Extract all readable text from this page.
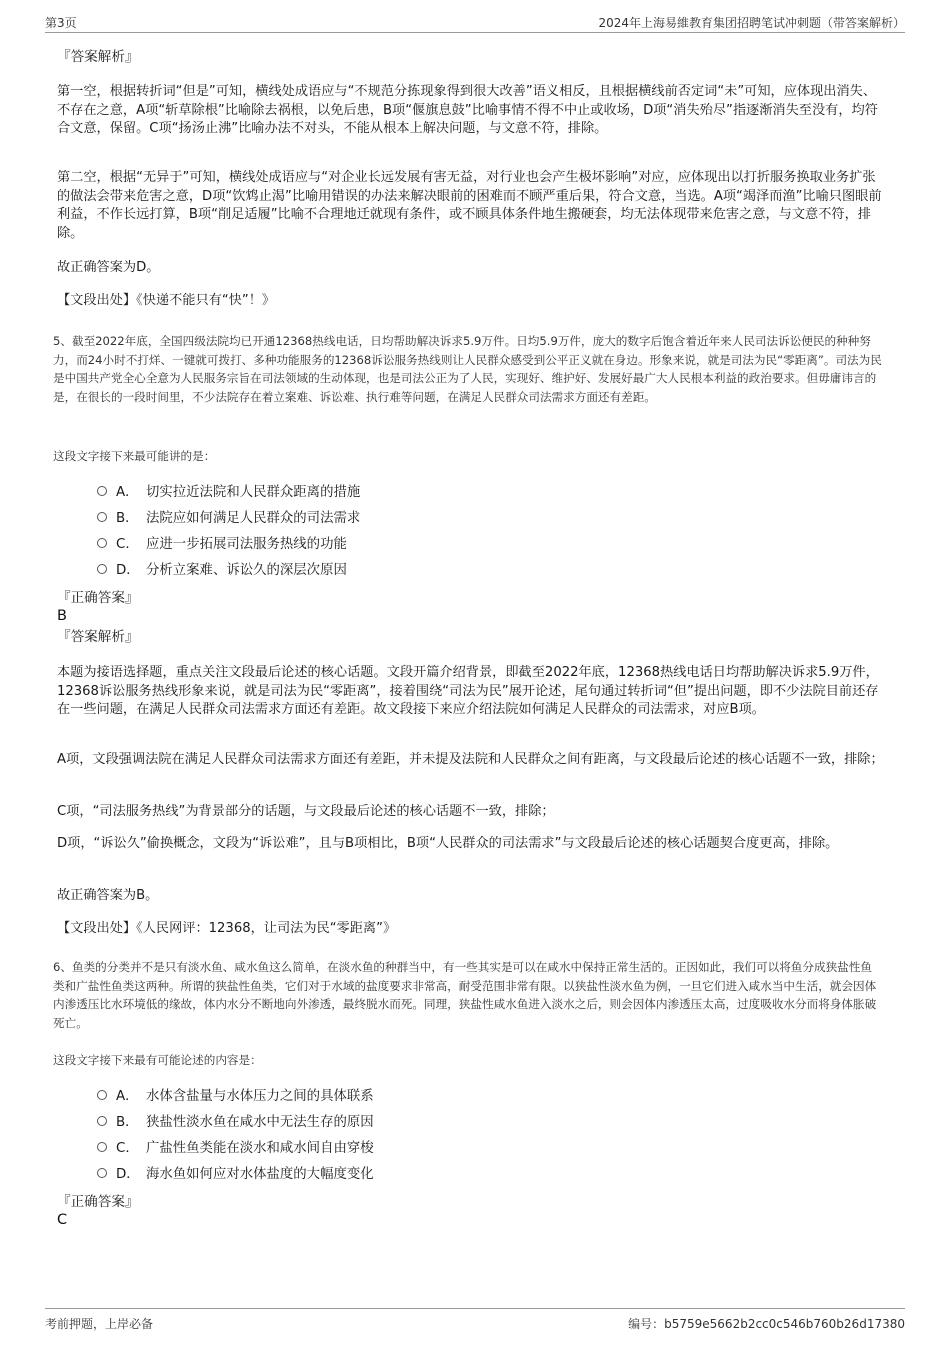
第3页	2024年上海易維教育集团招聘笔试冲刺题（带答案解析）
『答案解析』
第一空，根据转折词“但是”可知，横线处成语应与“不规范分拣现象得到很大改善”语义相反，且根据横线前否定词“未”可知，应体现出消失、不存在之意，A项“斩草除根”比喻除去祸根，以免后患，B项“偃旗息鼓”比喻事情不得不中止或收场，D项“消失殆尽”指逐渐消失至没有，均符合文意，保留。C项“扬汤止沸”比喻办法不对头，不能从根本上解决问题，与文意不符，排除。
第二空，根据“无异于”可知，横线处成语应与“对企业长远发展有害无益，对行业也会产生极坏影响”对应，应体现出以打折服务换取业务扩张的做法会带来危害之意，D项“饮鸩止渴”比喻用错误的办法来解决眼前的困难而不顾严重后果，符合文意，当选。A项“竭泽而渔”比喻只图眼前利益，不作长远打算，B项“削足适履”比喻不合理地迁就现有条件，或不顾具体条件地生搬硬套，均无法体现带来危害之意，与文意不符，排除。
故正确答案为D。
【文段出处】《快递不能只有“快”！》
5、截至2022年底，全国四级法院均已开通12368热线电话，日均帮助解决诉求5.9万件。日均5.9万件，庞大的数字后饱含着近年来人民司法诉讼便民的种种努力，而24小时不打烊、一键就可拨打、多种功能服务的12368诉讼服务热线则让人民群众感受到公平正义就在身边。形象来说，就是司法为民“零距离”。司法为民是中国共产党全心全意为人民服务宗旨在司法领域的生动体现，也是司法公正为了人民，实现好、维护好、发展好最广大人民根本利益的政治要求。但毋庸讳言的是，在很长的一段时间里，不少法院存在着立案难、诉讼难、执行难等问题，在满足人民群众司法需求方面还有差距。
这段文字接下来最可能讲的是：
A． 切实拉近法院和人民群众距离的措施
B． 法院应如何满足人民群众的司法需求
C． 应进一步拓展司法服务热线的功能
D． 分析立案难、诉讼久的深层次原因
『正确答案』
B
『答案解析』
本题为接语选择题，重点关注文段最后论述的核心话题。文段开篇介绍背景，即截至2022年底，12368热线电话日均帮助解决诉求5.9万件，12368诉讼服务热线形象来说，就是司法为民“零距离”，接着围绕“司法为民”展开论述，尾句通过转折词“但”提出问题，即不少法院目前还存在一些问题，在满足人民群众司法需求方面还有差距。故文段接下来应介绍法院如何满足人民群众的司法需求，对应B项。
A项，文段强调法院在满足人民群众司法需求方面还有差距，并未提及法院和人民群众之间有距离，与文段最后论述的核心话题不一致，排除；
C项，“司法服务热线”为背景部分的话题，与文段最后论述的核心话题不一致，排除；
D项，“诉讼久”偷换概念，文段为“诉讼难”，且与B项相比，B项“人民群众的司法需求”与文段最后论述的核心话题契合度更高，排除。
故正确答案为B。
【文段出处】《人民网评：12368，让司法为民“零距离”》
6、鱼类的分类并不是只有淡水鱼、咸水鱼这么简单，在淡水鱼的种群当中，有一些其实是可以在咸水中保持正常生活的。正因如此，我们可以将鱼分成狭盐性鱼类和广盐性鱼类这两种。所谓的狭盐性鱼类，它们对于水域的盐度要求非常高，耐受范围非常有限。以狭盐性淡水鱼为例，一旦它们进入咸水当中生活，就会因体内渗透压比水环境低的缘故，体内水分不断地向外渗透，最终脱水而死。同理，狭盐性咸水鱼进入淡水之后，则会因体内渗透压太高，过度吸收水分而将身体胀破死亡。
这段文字接下来最有可能论述的内容是：
A． 水体含盐量与水体压力之间的具体联系
B． 狭盐性淡水鱼在咸水中无法生存的原因
C． 广盐性鱼类能在淡水和咸水间自由穿梭
D． 海水鱼如何应对水体盐度的大幅度变化
『正确答案』
C
考前押题，上岸必备	编号：b5759e5662b2cc0c546b760b26d17380
